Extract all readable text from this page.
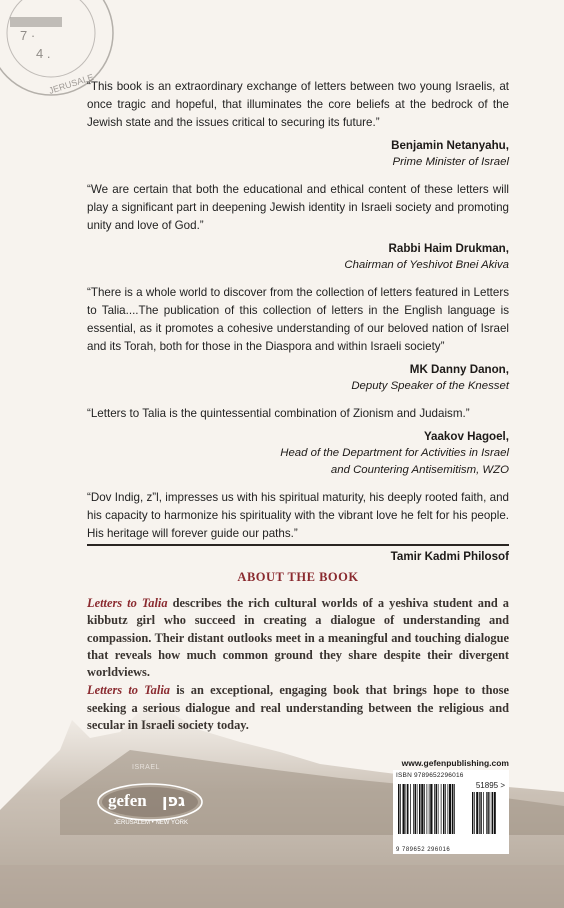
7 ·
4 .
JERUSALE

“This book is an extraordinary exchange of letters between two young Israelis, at once tragic and hopeful, that illuminates the core beliefs at the bedrock of the Jewish state and the issues critical to securing its future.”

Benjamin Netanyahu,
Prime Minister of Israel

“We are certain that both the educational and ethical content of these letters will play a significant part in deepening Jewish identity in Israeli society and promoting unity and love of God.”

Rabbi Haim Drukman,
Chairman of Yeshivot Bnei Akiva

“There is a whole world to discover from the collection of letters featured in Letters to Talia....The publication of this collection of letters in the English language is essential, as it promotes a cohesive understanding of our beloved nation of Israel and its Torah, both for those in the Diaspora and within Israeli society”

MK Danny Danon,
Deputy Speaker of the Knesset

“Letters to Talia is the quintessential combination of Zionism and Judaism.”

Yaakov Hagoel,
Head of the Department for Activities in Israel
and Countering Antisemitism, WZO

“Dov Indig, z”l, impresses us with his spiritual maturity, his deeply rooted faith, and his capacity to harmonize his spirituality with the vibrant love he felt for his people. His heritage will forever guide our paths.”

Tamir Kadmi Philosof
ABOUT THE BOOK

Letters to Talia describes the rich cultural worlds of a yeshiva student and a kibbutz girl who succeed in creating a dialogue of understanding and compassion. Their distant outlooks meet in a meaningful and touching dialogue that reveals how much common ground they share despite their divergent worldviews.

Letters to Talia is an exceptional, engaging book that brings hope to those seeking a serious dialogue and real understanding between the religious and secular in Israeli society today.

ISRAEL
gefen גפן
JERUSALEM • NEW YORK
www.gefenpublishing.com
ISBN 9789652296016
51895 >
9 789652 296016
